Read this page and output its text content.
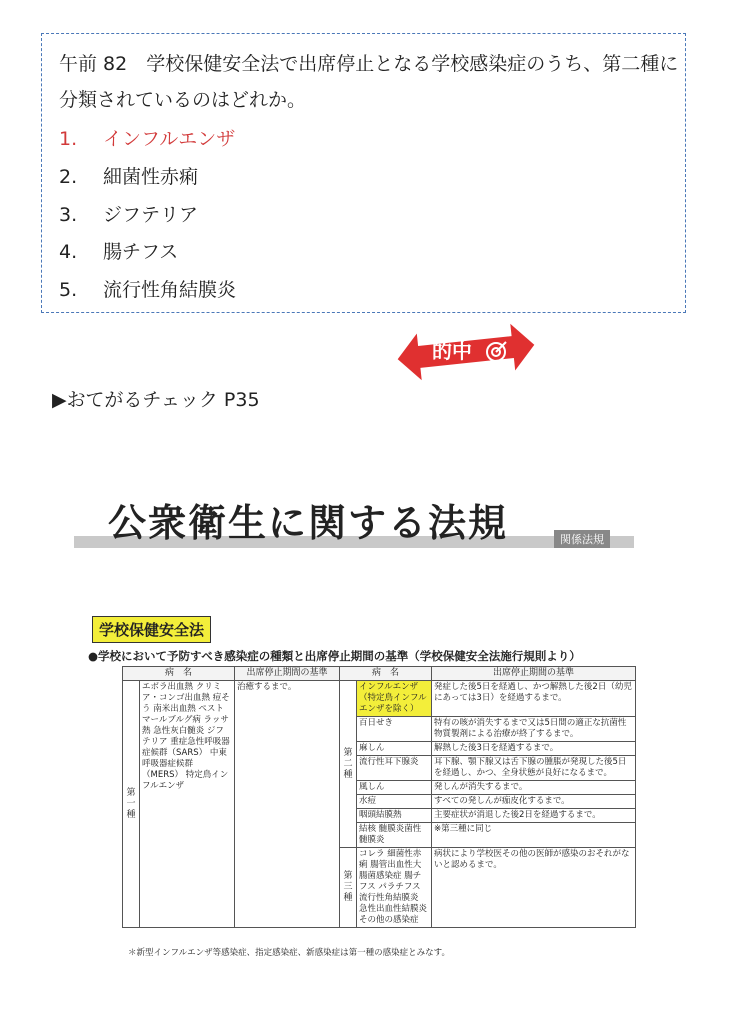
午前 82　学校保健安全法で出席停止となる学校感染症のうち、第二種に分類されているのはどれか。
1. インフルエンザ
2. 細菌性赤痢
3. ジフテリア
4. 腸チフス
5. 流行性角結膜炎
的中
▶おてがるチェック P35
公衆衛生に関する法規	関係法規
学校保健安全法
●学校において予防すべき感染症の種類と出席停止期間の基準（学校保健安全法施行規則より）
病　名		出席停止期間の基準	病　名		出席停止期間の基準
第一種	エボラ出血熱 クリミア・コンゴ出血熱 痘そう 南米出血熱 ペスト マールブルグ病 ラッサ熱 急性灰白髄炎 ジフテリア 重症急性呼吸器症候群（SARS） 中東呼吸器症候群（MERS） 特定鳥インフルエンザ	治癒するまで。	第二種	インフルエンザ（特定鳥インフルエンザを除く）	発症した後5日を経過し、かつ解熱した後2日（幼児にあっては3日）を経過するまで。
				百日せき	特有の咳が消失するまで又は5日間の適正な抗菌性物質製剤による治療が終了するまで。
				麻しん	解熱した後3日を経過するまで。
				流行性耳下腺炎	耳下腺、顎下腺又は舌下腺の腫脹が発現した後5日を経過し、かつ、全身状態が良好になるまで。
				風しん	発しんが消失するまで。
				水痘	すべての発しんが痂皮化するまで。
				咽頭結膜熱	主要症状が消退した後2日を経過するまで。
				結核 髄膜炎菌性髄膜炎	※第三種に同じ
			第三種	コレラ 細菌性赤痢 腸管出血性大腸菌感染症 腸チフス パラチフス 流行性角結膜炎 急性出血性結膜炎 その他の感染症	病状により学校医その他の医師が感染のおそれがないと認めるまで。
＊新型インフルエンザ等感染症、指定感染症、新感染症は第一種の感染症とみなす。
